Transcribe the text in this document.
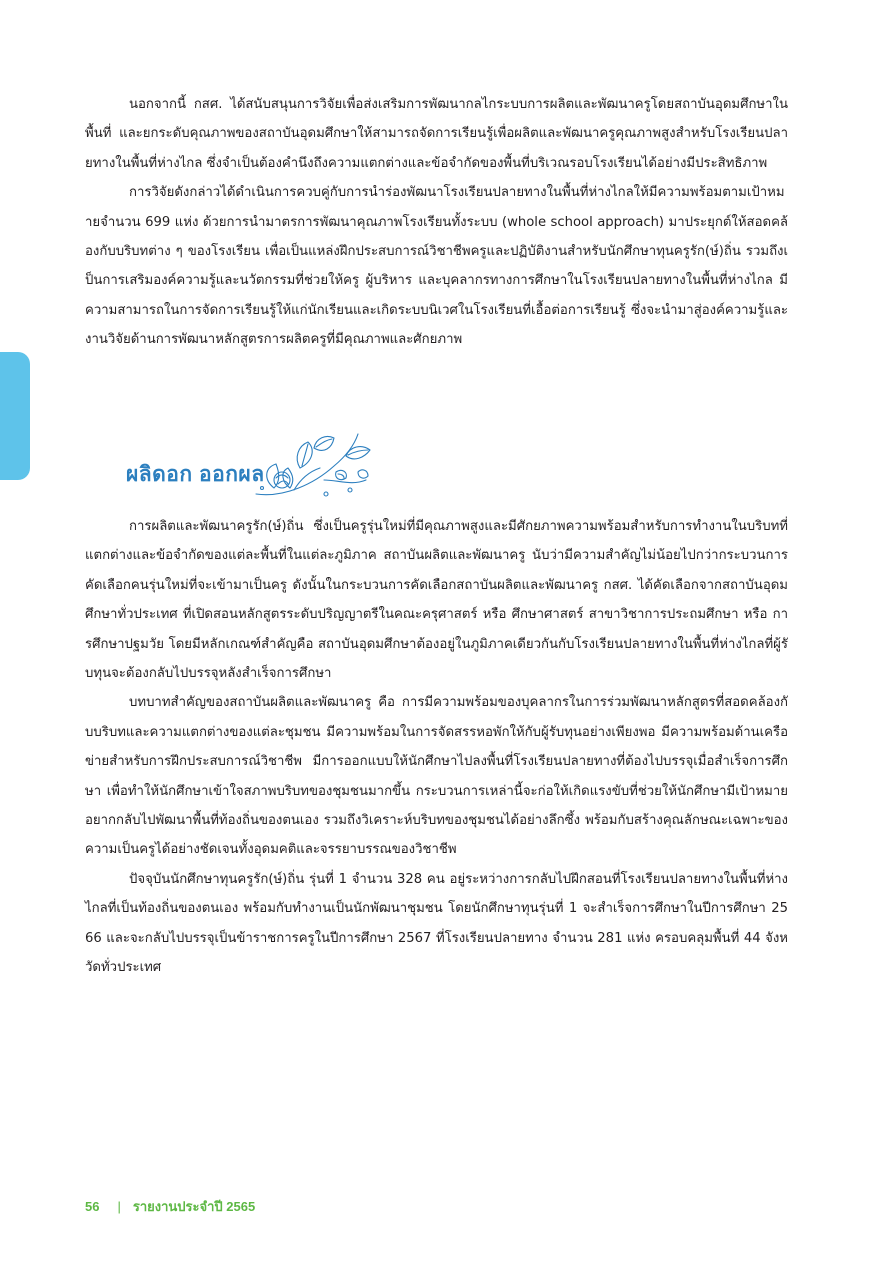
นอกจากนี้ กสศ. ได้สนับสนุนการวิจัยเพื่อส่งเสริมการพัฒนากลไกระบบการผลิตและพัฒนาครูโดยสถาบันอุดมศึกษาในพื้นที่ และยกระดับคุณภาพของสถาบันอุดมศึกษาให้สามารถจัดการเรียนรู้เพื่อผลิตและพัฒนาครูคุณภาพสูงสำหรับโรงเรียนปลายทางในพื้นที่ห่างไกล ซึ่งจำเป็นต้องคำนึงถึงความแตกต่างและข้อจำกัดของพื้นที่บริเวณรอบโรงเรียนได้อย่างมีประสิทธิภาพ

การวิจัยดังกล่าวได้ดำเนินการควบคู่กับการนำร่องพัฒนาโรงเรียนปลายทางในพื้นที่ห่างไกลให้มีความพร้อมตามเป้าหมายจำนวน 699 แห่ง ด้วยการนำมาตรการพัฒนาคุณภาพโรงเรียนทั้งระบบ (whole school approach) มาประยุกต์ให้สอดคล้องกับบริบทต่าง ๆ ของโรงเรียน เพื่อเป็นแหล่งฝึกประสบการณ์วิชาชีพครูและปฏิบัติงานสำหรับนักศึกษาทุนครูรัก(ษ์)ถิ่น รวมถึงเป็นการเสริมองค์ความรู้และนวัตกรรมที่ช่วยให้ครู ผู้บริหาร และบุคลากรทางการศึกษาในโรงเรียนปลายทางในพื้นที่ห่างไกล มีความสามารถในการจัดการเรียนรู้ให้แก่นักเรียนและเกิดระบบนิเวศในโรงเรียนที่เอื้อต่อการเรียนรู้ ซึ่งจะนำมาสู่องค์ความรู้และงานวิจัยด้านการพัฒนาหลักสูตรการผลิตครูที่มีคุณภาพและศักยภาพ

ผลิดอก ออกผล

การผลิตและพัฒนาครูรัก(ษ์)ถิ่น ซึ่งเป็นครูรุ่นใหม่ที่มีคุณภาพสูงและมีศักยภาพความพร้อมสำหรับการทำงานในบริบทที่แตกต่างและข้อจำกัดของแต่ละพื้นที่ในแต่ละภูมิภาค สถาบันผลิตและพัฒนาครู นับว่ามีความสำคัญไม่น้อยไปกว่ากระบวนการคัดเลือกคนรุ่นใหม่ที่จะเข้ามาเป็นครู ดังนั้นในกระบวนการคัดเลือกสถาบันผลิตและพัฒนาครู กสศ. ได้คัดเลือกจากสถาบันอุดมศึกษาทั่วประเทศ ที่เปิดสอนหลักสูตรระดับปริญญาตรีในคณะครุศาสตร์ หรือ ศึกษาศาสตร์ สาขาวิชาการประถมศึกษา หรือ การศึกษาปฐมวัย โดยมีหลักเกณฑ์สำคัญคือ สถาบันอุดมศึกษาต้องอยู่ในภูมิภาคเดียวกันกับโรงเรียนปลายทางในพื้นที่ห่างไกลที่ผู้รับทุนจะต้องกลับไปบรรจุหลังสำเร็จการศึกษา

บทบาทสำคัญของสถาบันผลิตและพัฒนาครู คือ การมีความพร้อมของบุคลากรในการร่วมพัฒนาหลักสูตรที่สอดคล้องกับบริบทและความแตกต่างของแต่ละชุมชน มีความพร้อมในการจัดสรรหอพักให้กับผู้รับทุนอย่างเพียงพอ มีความพร้อมด้านเครือข่ายสำหรับการฝึกประสบการณ์วิชาชีพ มีการออกแบบให้นักศึกษาไปลงพื้นที่โรงเรียนปลายทางที่ต้องไปบรรจุเมื่อสำเร็จการศึกษา เพื่อทำให้นักศึกษาเข้าใจสภาพบริบทของชุมชนมากขึ้น กระบวนการเหล่านี้จะก่อให้เกิดแรงขับที่ช่วยให้นักศึกษามีเป้าหมายอยากกลับไปพัฒนาพื้นที่ท้องถิ่นของตนเอง รวมถึงวิเคราะห์บริบทของชุมชนได้อย่างลึกซึ้ง พร้อมกับสร้างคุณลักษณะเฉพาะของความเป็นครูได้อย่างชัดเจนทั้งอุดมคติและจรรยาบรรณของวิชาชีพ

ปัจจุบันนักศึกษาทุนครูรัก(ษ์)ถิ่น รุ่นที่ 1 จำนวน 328 คน อยู่ระหว่างการกลับไปฝึกสอนที่โรงเรียนปลายทางในพื้นที่ห่างไกลที่เป็นท้องถิ่นของตนเอง พร้อมกับทำงานเป็นนักพัฒนาชุมชน โดยนักศึกษาทุนรุ่นที่ 1 จะสำเร็จการศึกษาในปีการศึกษา 2566 และจะกลับไปบรรจุเป็นข้าราชการครูในปีการศึกษา 2567 ที่โรงเรียนปลายทาง จำนวน 281 แห่ง ครอบคลุมพื้นที่ 44 จังหวัดทั่วประเทศ

56 | รายงานประจำปี 2565
